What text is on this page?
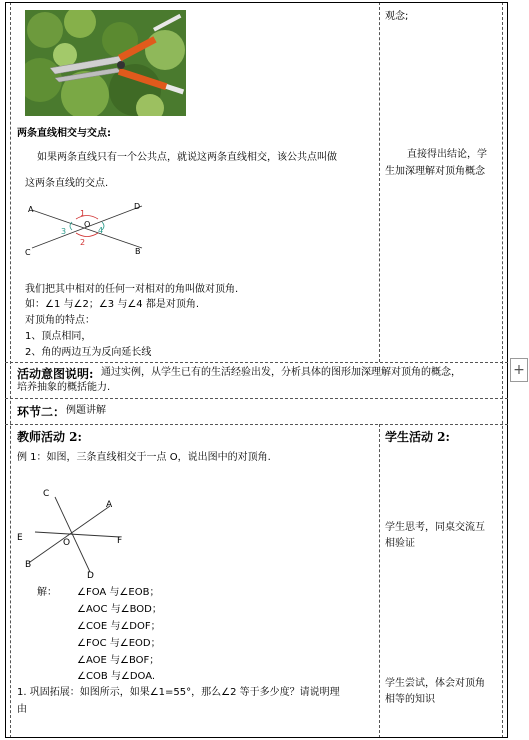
观念;
直接得出结论，学
生加深理解对顶角概念
两条直线相交与交点:
如果两条直线只有一个公共点，就说这两条直线相交，该公共点叫做
这两条直线的交点.
A	D
C	B
O
1
2
3	4
我们把其中相对的任何一对相对的角叫做对顶角.
如：∠1 与∠2；∠3 与∠4 都是对顶角.
对顶角的特点：
1、顶点相同，
2、角的两边互为反向延长线
活动意图说明: 通过实例，从学生已有的生活经验出发，分析具体的图形加深理解对顶角的概念，
培养抽象的概括能力.
+
环节二： 例题讲解
教师活动 2:	学生活动 2:
例 1：如图，三条直线相交于一点 O，说出图中的对顶角.
C
A
E	F
O
B
D
学生思考，同桌交流互
相验证
解： ∠FOA 与∠EOB；
∠AOC 与∠BOD；
∠COE 与∠DOF；
∠FOC 与∠EOD；
∠AOE 与∠BOF；
∠COB 与∠DOA.
学生尝试，体会对顶角
相等的知识
1. 巩固拓展：如图所示，如果∠1=55°，那么∠2 等于多少度？请说明理
由
